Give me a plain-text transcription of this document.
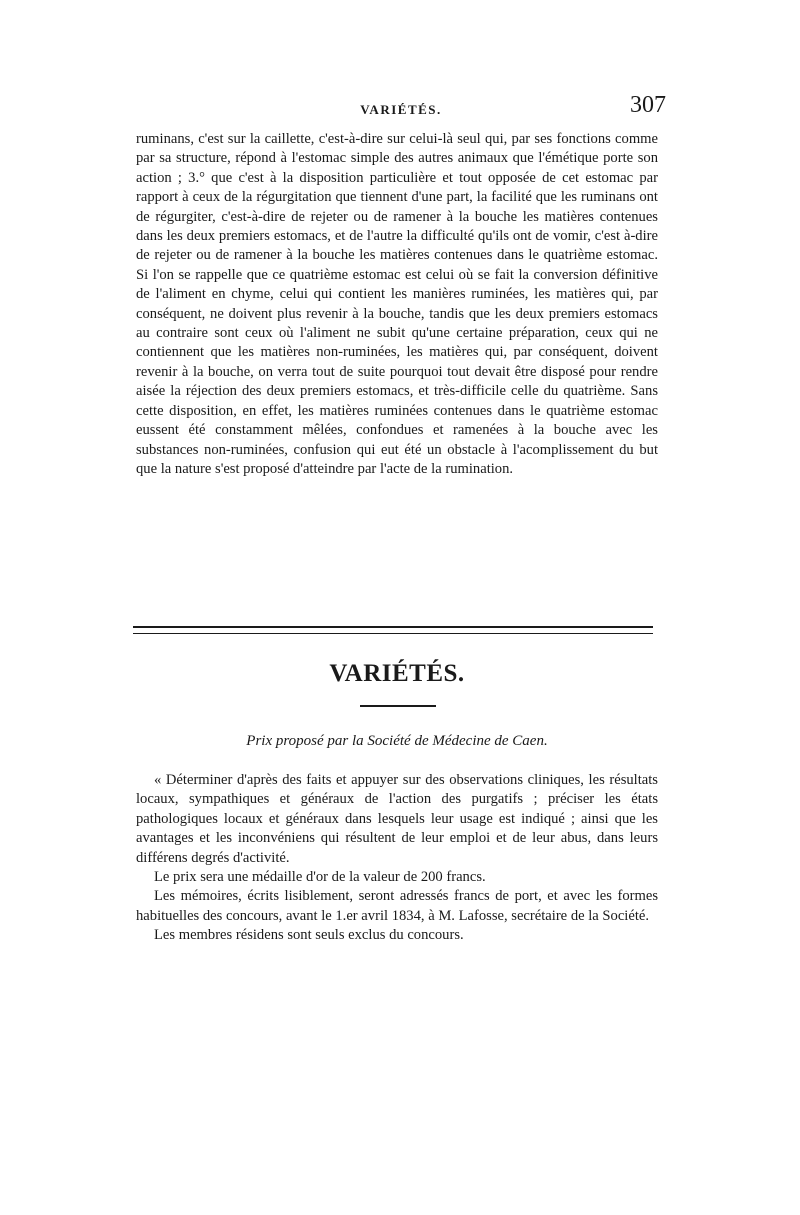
VARIÉTÉS.	307

ruminans, c'est sur la caillette, c'est-à-dire sur celui-là seul qui, par ses fonctions comme par sa structure, répond à l'estomac simple des autres animaux que l'émétique porte son action ; 3.° que c'est à la disposition particulière et tout opposée de cet estomac par rapport à ceux de la régurgitation que tiennent d'une part, la facilité que les ruminans ont de régurgiter, c'est-à-dire de rejeter ou de ramener à la bouche les matières contenues dans les deux premiers estomacs, et de l'autre la difficulté qu'ils ont de vomir, c'est à-dire de rejeter ou de ramener à la bouche les matières contenues dans le quatrième estomac. Si l'on se rappelle que ce quatrième estomac est celui où se fait la conversion définitive de l'aliment en chyme, celui qui contient les manières ruminées, les matières qui, par conséquent, ne doivent plus revenir à la bouche, tandis que les deux premiers estomacs au contraire sont ceux où l'aliment ne subit qu'une certaine préparation, ceux qui ne contiennent que les matières non-ruminées, les matières qui, par conséquent, doivent revenir à la bouche, on verra tout de suite pourquoi tout devait être disposé pour rendre aisée la réjection des deux premiers estomacs, et très-difficile celle du quatrième. Sans cette disposition, en effet, les matières ruminées contenues dans le quatrième estomac eussent été constamment mêlées, confondues et ramenées à la bouche avec les substances non-ruminées, confusion qui eut été un obstacle à l'acomplissement du but que la nature s'est proposé d'atteindre par l'acte de la rumination.

VARIÉTÉS.
Prix proposé par la Société de Médecine de Caen.

« Déterminer d'après des faits et appuyer sur des observations cliniques, les résultats locaux, sympathiques et généraux de l'action des purgatifs ; préciser les états pathologiques locaux et généraux dans lesquels leur usage est indiqué ; ainsi que les avantages et les inconvéniens qui résultent de leur emploi et de leur abus, dans leurs différens degrés d'activité.

Le prix sera une médaille d'or de la valeur de 200 francs.

Les mémoires, écrits lisiblement, seront adressés francs de port, et avec les formes habituelles des concours, avant le 1.er avril 1834, à M. Lafosse, secrétaire de la Société.

Les membres résidens sont seuls exclus du concours.
